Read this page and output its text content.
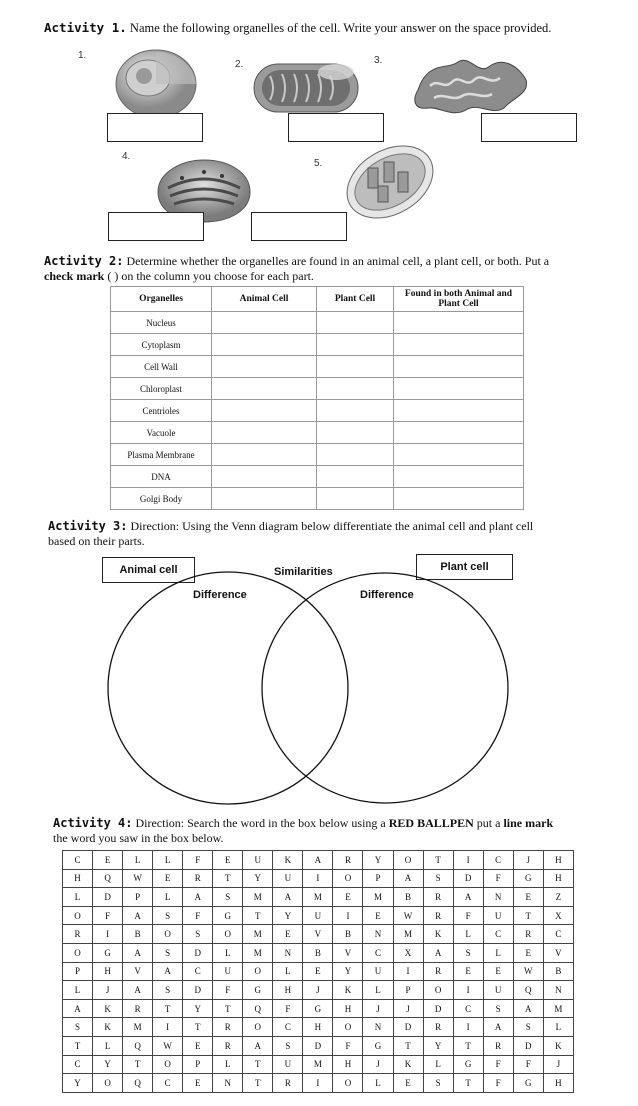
Activity 1. Name the following organelles of the cell. Write your answer on the space provided.
1.
2.	3.
4.
5.
Activity 2: Determine whether the organelles are found in an animal cell, a plant cell, or both. Put a
check mark ( ) on the column you choose for each part.
Organelles	Animal Cell	Plant Cell	Found in both Animal and Plant Cell
Nucleus			
Cytoplasm			
Cell Wall			
Chloroplast			
Centrioles			
Vacuole			
Plasma Membrane			
DNA			
Golgi Body			
Activity 3: Direction: Using the Venn diagram below differentiate the animal cell and plant cell
based on their parts.
Animal cell	Similarities	Plant cell
Difference	Difference
Activity 4: Direction: Search the word in the box below using a RED BALLPEN put a line mark
the word you saw in the box below.
C	E	L	L	F	E	U	K	A	R	Y	O	T	I	C	J	H
H	Q	W	E	R	T	Y	U	I	O	P	A	S	D	F	G	H
L	D	P	L	A	S	M	A	M	E	M	B	R	A	N	E	Z
O	F	A	S	F	G	T	Y	U	I	E	W	R	F	U	T	X
R	I	B	O	S	O	M	E	V	B	N	M	K	L	C	R	C
O	G	A	S	D	L	M	N	B	V	C	X	A	S	L	E	V
P	H	V	A	C	U	O	L	E	Y	U	I	R	E	E	W	B
L	J	A	S	D	F	G	H	J	K	L	P	O	I	U	Q	N
A	K	R	T	Y	T	Q	F	G	H	J	J	D	C	S	A	M
S	K	M	I	T	R	O	C	H	O	N	D	R	I	A	S	L
T	L	Q	W	E	R	A	S	D	F	G	T	Y	T	R	D	K
C	Y	T	O	P	L	T	U	M	H	J	K	L	G	F	F	J
Y	O	Q	C	E	N	T	R	I	O	L	E	S	T	F	G	H
